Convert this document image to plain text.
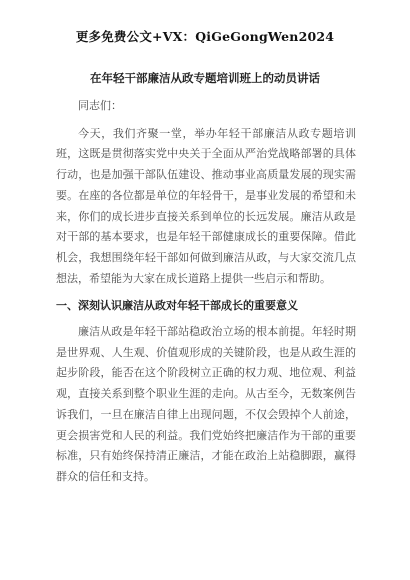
更多免费公文+VX：QiGeGongWen2024
在年轻干部廉洁从政专题培训班上的动员讲话

同志们：

今天，我们齐聚一堂，举办年轻干部廉洁从政专题培训班，这既是贯彻落实党中央关于全面从严治党战略部署的具体行动，也是加强干部队伍建设、推动事业高质量发展的现实需要。在座的各位都是单位的年轻骨干，是事业发展的希望和未来，你们的成长进步直接关系到单位的长远发展。廉洁从政是对干部的基本要求，也是年轻干部健康成长的重要保障。借此机会，我想围绕年轻干部如何做到廉洁从政，与大家交流几点想法，希望能为大家在成长道路上提供一些启示和帮助。

一、深刻认识廉洁从政对年轻干部成长的重要意义

廉洁从政是年轻干部站稳政治立场的根本前提。年轻时期是世界观、人生观、价值观形成的关键阶段，也是从政生涯的起步阶段，能否在这个阶段树立正确的权力观、地位观、利益观，直接关系到整个职业生涯的走向。从古至今，无数案例告诉我们，一旦在廉洁自律上出现问题，不仅会毁掉个人前途，更会损害党和人民的利益。我们党始终把廉洁作为干部的重要标准，只有始终保持清正廉洁，才能在政治上站稳脚跟，赢得群众的信任和支持。
